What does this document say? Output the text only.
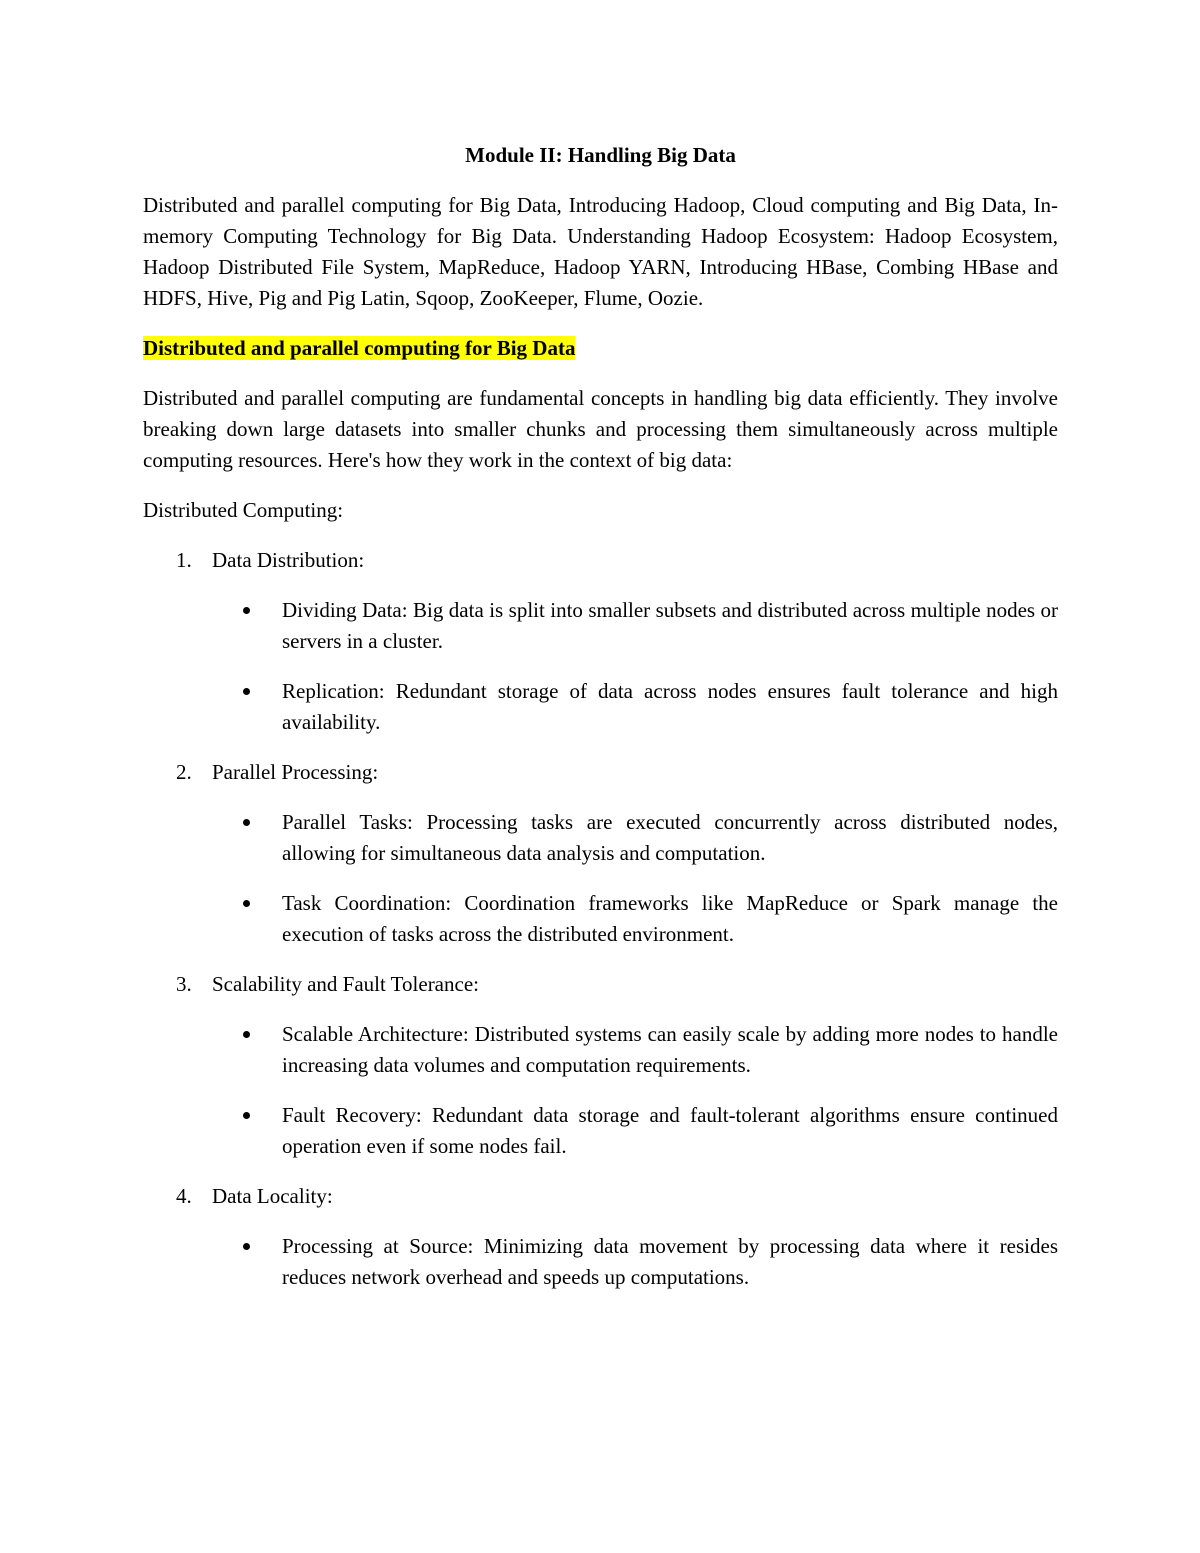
Module II: Handling Big Data

Distributed and parallel computing for Big Data, Introducing Hadoop, Cloud computing and Big Data, In-memory Computing Technology for Big Data. Understanding Hadoop Ecosystem: Hadoop Ecosystem, Hadoop Distributed File System, MapReduce, Hadoop YARN, Introducing HBase, Combing HBase and HDFS, Hive, Pig and Pig Latin, Sqoop, ZooKeeper, Flume, Oozie.

Distributed and parallel computing for Big Data

Distributed and parallel computing are fundamental concepts in handling big data efficiently. They involve breaking down large datasets into smaller chunks and processing them simultaneously across multiple computing resources. Here's how they work in the context of big data:

Distributed Computing:

1. Data Distribution:
Dividing Data: Big data is split into smaller subsets and distributed across multiple nodes or servers in a cluster.
Replication: Redundant storage of data across nodes ensures fault tolerance and high availability.
2. Parallel Processing:
Parallel Tasks: Processing tasks are executed concurrently across distributed nodes, allowing for simultaneous data analysis and computation.
Task Coordination: Coordination frameworks like MapReduce or Spark manage the execution of tasks across the distributed environment.
3. Scalability and Fault Tolerance:
Scalable Architecture: Distributed systems can easily scale by adding more nodes to handle increasing data volumes and computation requirements.
Fault Recovery: Redundant data storage and fault-tolerant algorithms ensure continued operation even if some nodes fail.
4. Data Locality:
Processing at Source: Minimizing data movement by processing data where it resides reduces network overhead and speeds up computations.
